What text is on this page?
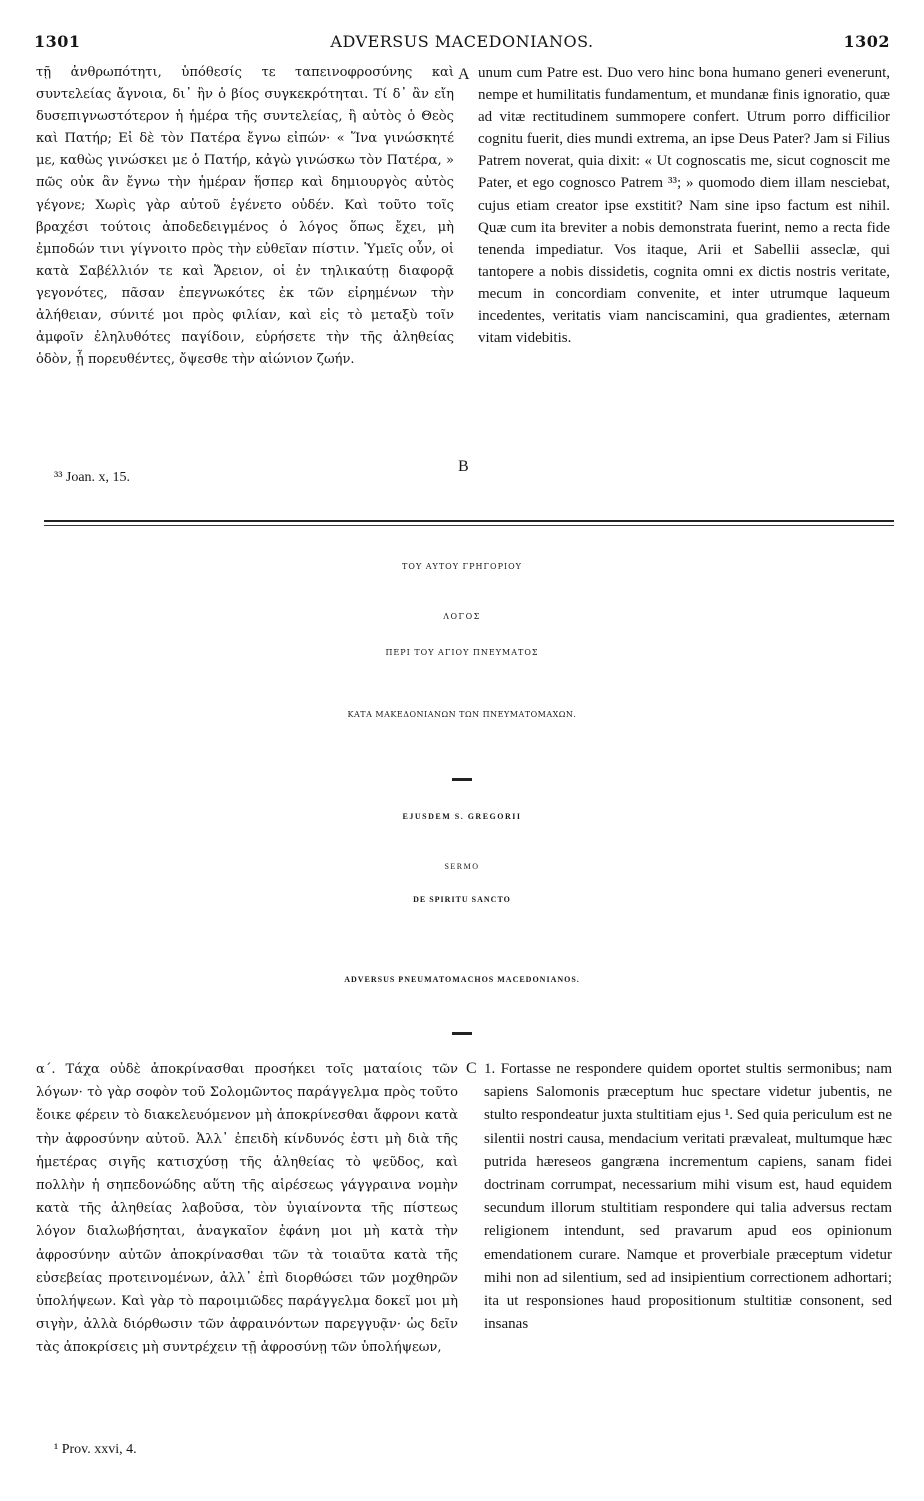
1301	ADVERSUS MACEDONIANOS.	1302

τῇ ἀνθρωπότητι, ὑπόθεσίς τε ταπεινοφροσύνης καὶ συντελείας ἄγνοια, δι᾽ ἣν ὁ βίος συγκεκρότηται. Τί δ᾽ ἂν εἴη δυσεπιγνωστότερον ἡ ἡμέρα τῆς συντελείας, ἢ αὐτὸς ὁ Θεὸς καὶ Πατήρ; Εἰ δὲ τὸν Πατέρα ἔγνω εἰπών· « Ἵνα γινώσκητέ με, καθὼς γινώσκει με ὁ Πατήρ, κἀγὼ γινώσκω τὸν Πατέρα, » πῶς οὐκ ἂν ἔγνω τὴν ἡμέραν ἥσπερ καὶ δημιουργὸς αὐτὸς γέγονε; Χωρὶς γὰρ αὐτοῦ ἐγένετο οὐδέν. Καὶ τοῦτο τοῖς βραχέσι τούτοις ἀποδεδειγμένος ὁ λόγος ὅπως ἔχει, μὴ ἐμποδών τινι γίγνοιτο πρὸς τὴν εὐθεῖαν πίστιν. Ὑμεῖς οὖν, οἱ κατὰ Σαβέλλιόν τε καὶ Ἄρειον, οἱ ἐν τηλικαύτῃ διαφορᾷ γεγονότες, πᾶσαν ἐπεγνωκότες ἐκ τῶν εἰρημένων τὴν ἀλήθειαν, σύνιτέ μοι πρὸς φιλίαν, καὶ εἰς τὸ μεταξὺ τοῖν ἀμφοῖν ἐληλυθότες παγίδοιν, εὑρήσετε τὴν τῆς ἀληθείας ὁδὸν, ᾗ πορευθέντες, ὄψεσθε τὴν αἰώνιον ζωήν.

A
B

unum cum Patre est. Duo vero hinc bona humano generi evenerunt, nempe et humilitatis fundamentum, et mundanæ finis ignoratio, quæ ad vitæ rectitudinem summopere confert. Utrum porro difficilior cognitu fuerit, dies mundi extrema, an ipse Deus Pater? Jam si Filius Patrem noverat, quia dixit: « Ut cognoscatis me, sicut cognoscit me Pater, et ego cognosco Patrem ³³; » quomodo diem illam nesciebat, cujus etiam creator ipse exstitit? Nam sine ipso factum est nihil. Quæ cum ita breviter a nobis demonstrata fuerint, nemo a recta fide tenenda impediatur. Vos itaque, Arii et Sabellii asseclæ, qui tantopere a nobis dissidetis, cognita omni ex dictis nostris veritate, mecum in concordiam convenite, et inter utrumque laqueum incedentes, veritatis viam nanciscamini, qua gradientes, æternam vitam videbitis.

³³ Joan. x, 15.
ΤΟΥ ΑΥΤΟΥ ΓΡΗΓΟΡΙΟΥ
ΛΟΓΟΣ
ΠΕΡΙ ΤΟΥ ΑΓΙΟΥ ΠΝΕΥΜΑΤΟΣ
ΚΑΤΑ ΜΑΚΕΔΟΝΙΑΝΩΝ ΤΩΝ ΠΝΕΥΜΑΤΟΜΑΧΩΝ.
EJUSDEM S. GREGORII
SERMO
DE SPIRITU SANCTO
ADVERSUS PNEUMATOMACHOS MACEDONIANOS.

α΄. Τάχα οὐδὲ ἀποκρίνασθαι προσήκει τοῖς ματαίοις τῶν λόγων· τὸ γὰρ σοφὸν τοῦ Σολομῶντος παράγγελμα πρὸς τοῦτο ἔοικε φέρειν τὸ διακελευόμενον μὴ ἀποκρίνεσθαι ἄφρονι κατὰ τὴν ἀφροσύνην αὐτοῦ. Ἀλλ᾽ ἐπειδὴ κίνδυνός ἐστι μὴ διὰ τῆς ἡμετέρας σιγῆς κατισχύσῃ τῆς ἀληθείας τὸ ψεῦδος, καὶ πολλὴν ἡ σηπεδονώδης αὕτη τῆς αἱρέσεως γάγγραινα νομὴν κατὰ τῆς ἀληθείας λαβοῦσα, τὸν ὑγιαίνοντα τῆς πίστεως λόγον διαλωβήσηται, ἀναγκαῖον ἐφάνη μοι μὴ κατὰ τὴν ἀφροσύνην αὐτῶν ἀποκρίνασθαι τῶν τὰ τοιαῦτα κατὰ τῆς εὐσεβείας προτεινομένων, ἀλλ᾽ ἐπὶ διορθώσει τῶν μοχθηρῶν ὑπολήψεων. Καὶ γὰρ τὸ παροιμιῶδες παράγγελμα δοκεῖ μοι μὴ σιγὴν, ἀλλὰ διόρθωσιν τῶν ἀφραινόντων παρεγγυᾷν· ὡς δεῖν τὰς ἀποκρίσεις μὴ συντρέχειν τῇ ἀφροσύνῃ τῶν ὑπολήψεων,

C 1. Fortasse ne respondere quidem oportet stultis sermonibus; nam sapiens Salomonis præceptum huc spectare videtur jubentis, ne stulto respondeatur juxta stultitiam ejus ¹. Sed quia periculum est ne silentii nostri causa, mendacium veritati prævaleat, multumque hæc putrida hæreseos gangræna incrementum capiens, sanam fidei doctrinam corrumpat, necessarium mihi visum est, haud equidem secundum illorum stultitiam respondere qui talia adversus rectam religionem intendunt, sed pravarum apud eos opinionum emendationem curare. Namque et proverbiale præceptum videtur mihi non ad silentium, sed ad insipientium correctionem adhortari; ita ut responsiones haud propositionum stultitiæ consonent, sed insanas

¹ Prov. xxvi, 4.
